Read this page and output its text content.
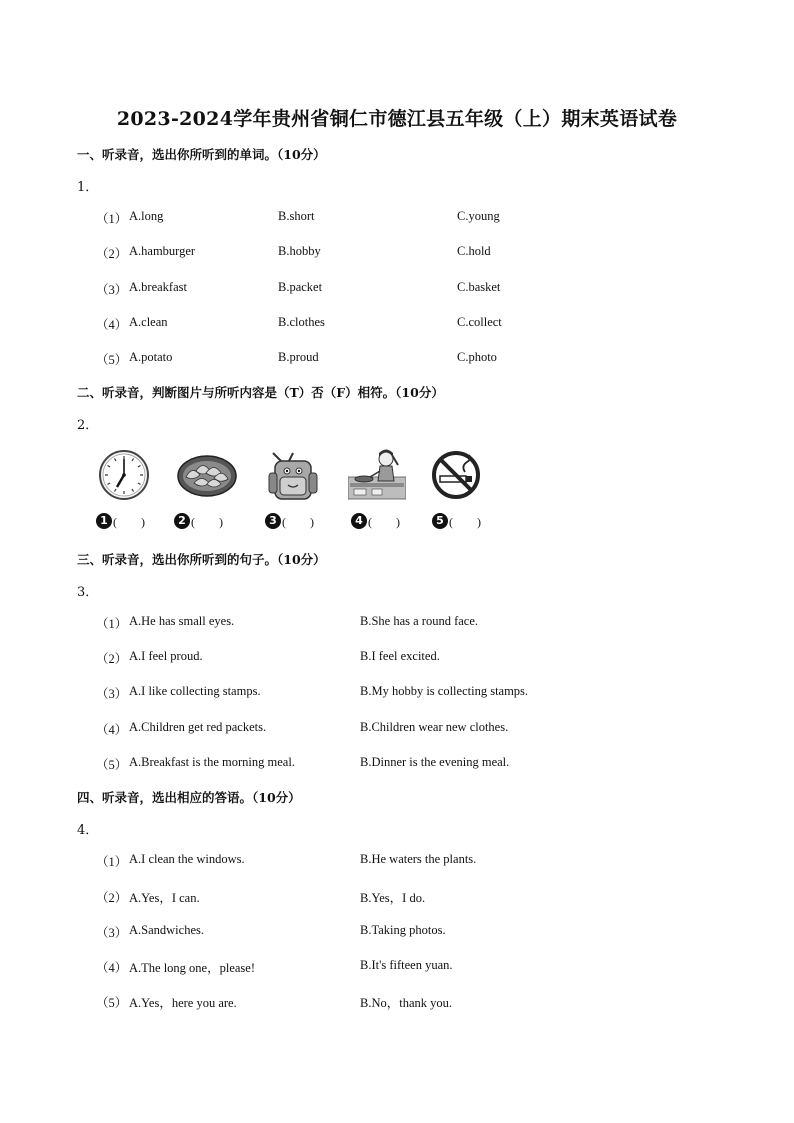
2023-2024学年贵州省铜仁市德江县五年级（上）期末英语试卷
一、听录音，选出你所听到的单词。（10分）
1．
（1） A.long	B.short	C.young
（2） A.hamburger	B.hobby	C.hold
（3） A.breakfast	B.packet	C.basket
（4） A.clean	B.clothes	C.collect
（5） A.potato	B.proud	C.photo
二、听录音，判断图片与所听内容是（T）否（F）相符。（10分）
2．
1 (　　)	2 (　　)	3 (　　)	4 (　　)	5 (　　)
三、听录音，选出你所听到的句子。（10分）
3．
（1） A.He has small eyes.	B.She has a round face.
（2） A.I feel proud.	B.I feel excited.
（3） A.I like collecting stamps.	B.My hobby is collecting stamps.
（4） A.Children get red packets.	B.Children wear new clothes.
（5） A.Breakfast is the morning meal.	B.Dinner is the evening meal.
四、听录音，选出相应的答语。（10分）
4．
（1） A.I clean the windows.	B.He waters the plants.
（2） A.Yes，I can.	B.Yes，I do.
（3） A.Sandwiches.	B.Taking photos.
（4） A.The long one，please!	B.It's fifteen yuan.
（5） A.Yes，here you are.	B.No，thank you.
